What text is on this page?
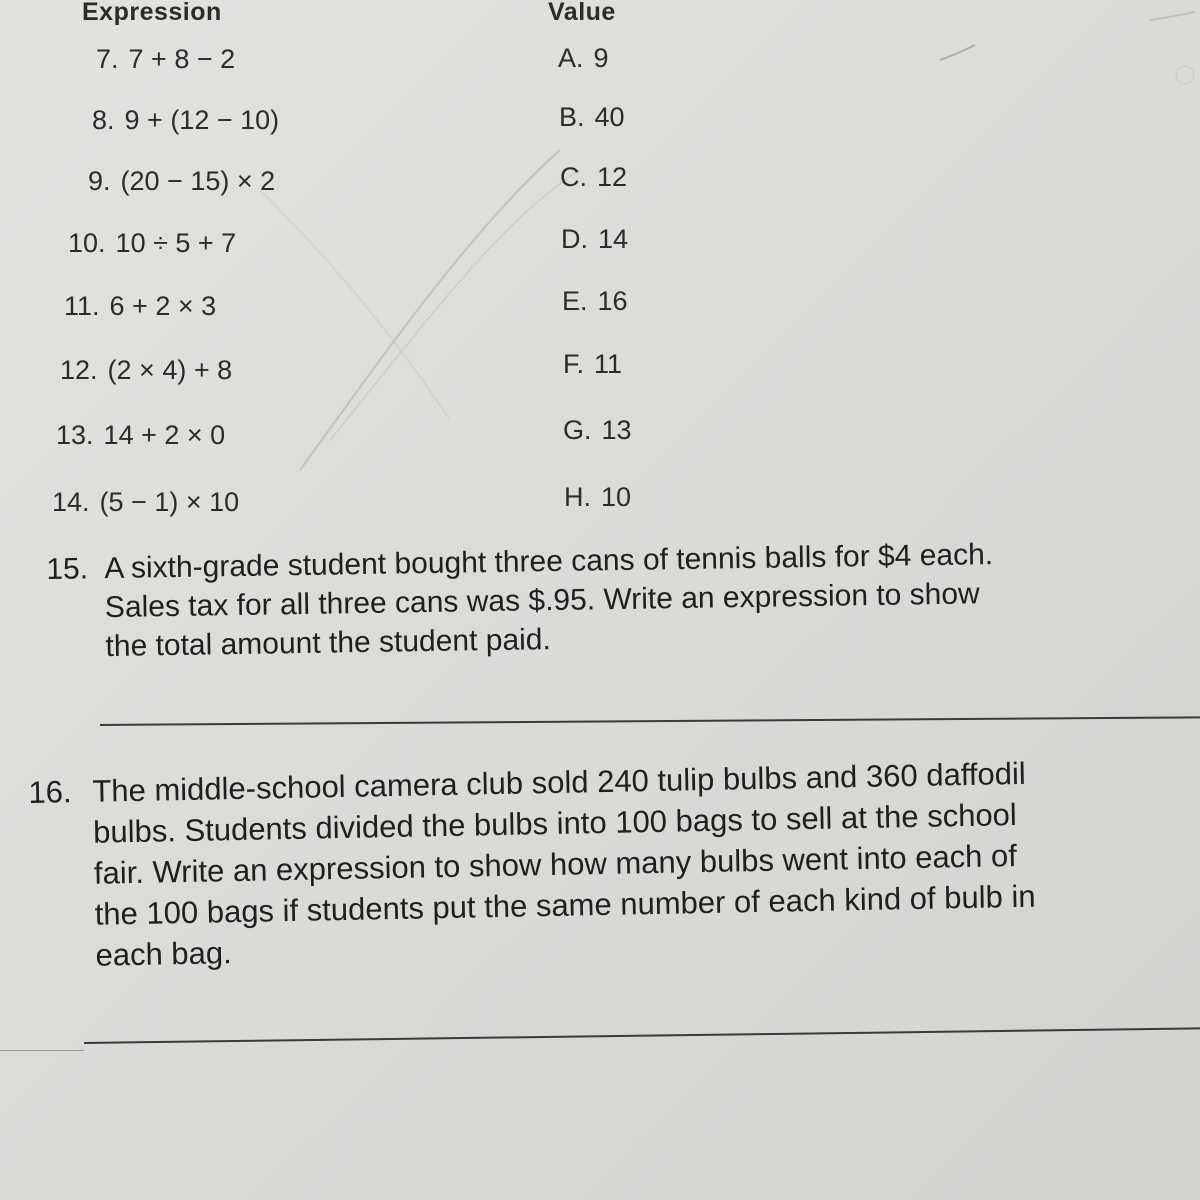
Expression	Value
7. 7 + 8 − 2
8. 9 + (12 − 10)
9. (20 − 15) × 2
10. 10 ÷ 5 + 7
11. 6 + 2 × 3
12. (2 × 4) + 8
13. 14 + 2 × 0
14. (5 − 1) × 10
A. 9
B. 40
C. 12
D. 14
E. 16
F. 11
G. 13
H. 10
15. A sixth-grade student bought three cans of tennis balls for $4 each.
Sales tax for all three cans was $.95. Write an expression to show
the total amount the student paid.
16. The middle-school camera club sold 240 tulip bulbs and 360 daffodil
bulbs. Students divided the bulbs into 100 bags to sell at the school
fair. Write an expression to show how many bulbs went into each of
the 100 bags if students put the same number of each kind of bulb in
each bag.
